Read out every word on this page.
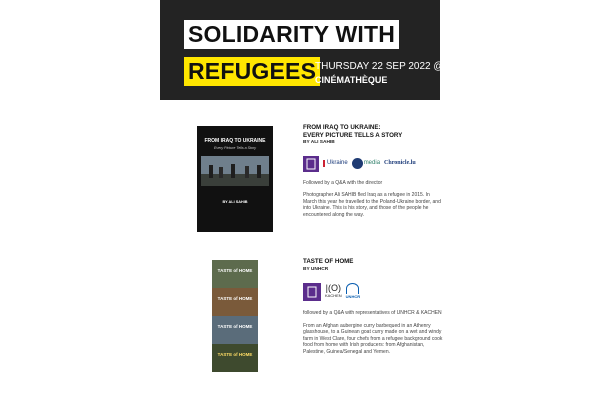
SOLIDARITY WITH
REFUGEES
THURSDAY 22 SEP 2022 @ 19:00
CINÉMATHÈQUE
FROM IRAQ TO UKRAINE
Every Picture Tells a Story
BY ALI SAHIB
FROM IRAQ TO UKRAINE:
EVERY PICTURE TELLS A STORY
BY ALI SAHIB
Ukraine	media Chronicle.lu
Followed by a Q&A with the director
Photographer Ali SAHIB fled Iraq as a refugee in 2015. In March this year he travelled to the Poland-Ukraine border, and into Ukraine. This is his story, and those of the people he encountered along the way.
TASTE of HOME
TASTE of HOME
TASTE of HOME
TASTE of HOME
TASTE OF HOME
BY UNHCR
|(O)
KACHEN UNHCR
followed by a Q&A with representatives of UNHCR & KACHEN
From an Afghan aubergine curry barbequed in an Athenry glasshouse, to a Guinean goat curry made on a wet and windy farm in West Clare, four chefs from a refugee background cook food from home with Irish producers: from Afghanistan, Palestine, Guinea/Senegal and Yemen.
